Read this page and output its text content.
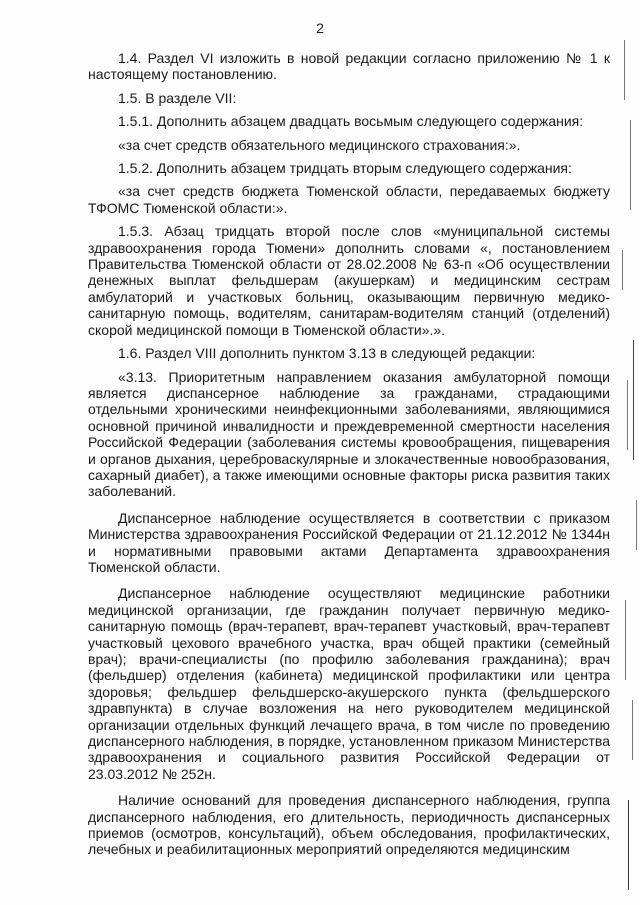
2

1.4. Раздел VI изложить в новой редакции согласно приложению № 1 к настоящему постановлению.

1.5. В разделе VII:

1.5.1. Дополнить абзацем двадцать восьмым следующего содержания:

«за счет средств обязательного медицинского страхования:».

1.5.2. Дополнить абзацем тридцать вторым следующего содержания:

«за счет средств бюджета Тюменской области, передаваемых бюджету ТФОМС Тюменской области:».

1.5.3. Абзац тридцать второй после слов «муниципальной системы здравоохранения города Тюмени» дополнить словами «, постановлением Правительства Тюменской области от 28.02.2008 № 63-п «Об осуществлении денежных выплат фельдшерам (акушеркам) и медицинским сестрам амбулаторий и участковых больниц, оказывающим первичную медико-санитарную помощь, водителям, санитарам-водителям станций (отделений) скорой медицинской помощи в Тюменской области».».

1.6. Раздел VIII дополнить пунктом 3.13 в следующей редакции:

«3.13. Приоритетным направлением оказания амбулаторной помощи является диспансерное наблюдение за гражданами, страдающими отдельными хроническими неинфекционными заболеваниями, являющимися основной причиной инвалидности и преждевременной смертности населения Российской Федерации (заболевания системы кровообращения, пищеварения и органов дыхания, цереброваскулярные и злокачественные новообразования, сахарный диабет), а также имеющими основные факторы риска развития таких заболеваний.

Диспансерное наблюдение осуществляется в соответствии с приказом Министерства здравоохранения Российской Федерации от 21.12.2012 № 1344н и нормативными правовыми актами Департамента здравоохранения Тюменской области.

Диспансерное наблюдение осуществляют медицинские работники медицинской организации, где гражданин получает первичную медико-санитарную помощь (врач-терапевт, врач-терапевт участковый, врач-терапевт участковый цехового врачебного участка, врач общей практики (семейный врач); врачи-специалисты (по профилю заболевания гражданина); врач (фельдшер) отделения (кабинета) медицинской профилактики или центра здоровья; фельдшер фельдшерско-акушерского пункта (фельдшерского здравпункта) в случае возложения на него руководителем медицинской организации отдельных функций лечащего врача, в том числе по проведению диспансерного наблюдения, в порядке, установленном приказом Министерства здравоохранения и социального развития Российской Федерации от 23.03.2012 № 252н.

Наличие оснований для проведения диспансерного наблюдения, группа диспансерного наблюдения, его длительность, периодичность диспансерных приемов (осмотров, консультаций), объем обследования, профилактических, лечебных и реабилитационных мероприятий определяются медицинским
